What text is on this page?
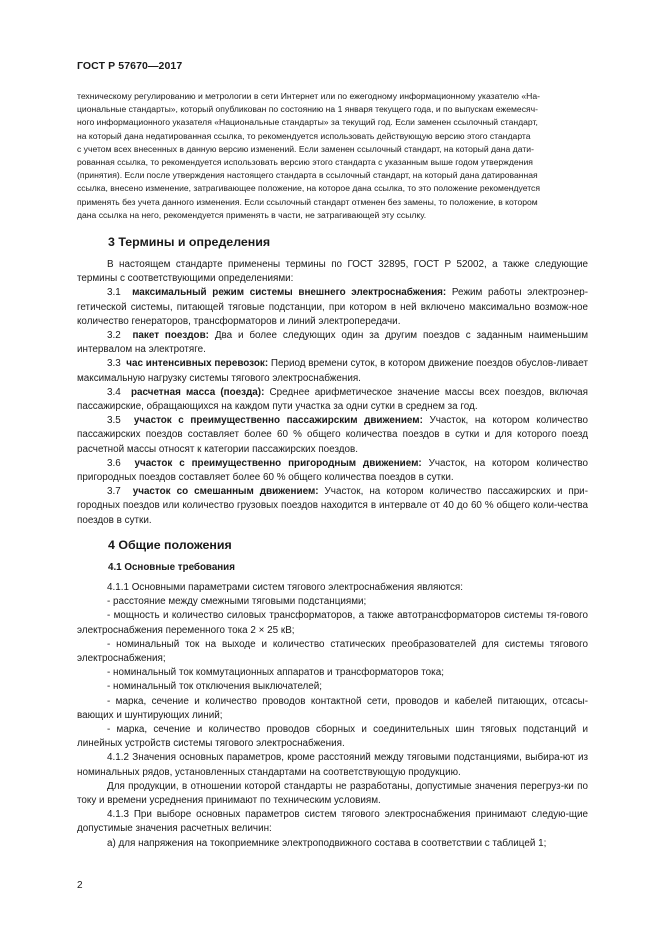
ГОСТ Р 57670—2017

техническому регулированию и метрологии в сети Интернет или по ежегодному информационному указателю «На-

циональные стандарты», который опубликован по состоянию на 1 января текущего года, и по выпускам ежемесяч-

ного информационного указателя «Национальные стандарты» за текущий год. Если заменен ссылочный стандарт,

на который дана недатированная ссылка, то рекомендуется использовать действующую версию этого стандарта

с учетом всех внесенных в данную версию изменений. Если заменен ссылочный стандарт, на который дана дати-

рованная ссылка, то рекомендуется использовать версию этого стандарта с указанным выше годом утверждения

(принятия). Если после утверждения настоящего стандарта в ссылочный стандарт, на который дана датированная

ссылка, внесено изменение, затрагивающее положение, на которое дана ссылка, то это положение рекомендуется

применять без учета данного изменения. Если ссылочный стандарт отменен без замены, то положение, в котором

дана ссылка на него, рекомендуется применять в части, не затрагивающей эту ссылку.

3 Термины и определения

В настоящем стандарте применены термины по ГОСТ 32895, ГОСТ Р 52002, а также следующие термины с соответствующими определениями:

3.1 максимальный режим системы внешнего электроснабжения: Режим работы электроэнер-гетической системы, питающей тяговые подстанции, при котором в ней включено максимально возмож-ное количество генераторов, трансформаторов и линий электропередачи.

3.2 пакет поездов: Два и более следующих один за другим поездов с заданным наименьшим интервалом на электротяге.

3.3 час интенсивных перевозок: Период времени суток, в котором движение поездов обуслов-ливает максимальную нагрузку системы тягового электроснабжения.

3.4 расчетная масса (поезда): Среднее арифметическое значение массы всех поездов, включая пассажирские, обращающихся на каждом пути участка за одни сутки в среднем за год.

3.5 участок с преимущественно пассажирским движением: Участок, на котором количество пассажирских поездов составляет более 60 % общего количества поездов в сутки и для которого поезд расчетной массы относят к категории пассажирских поездов.

3.6 участок с преимущественно пригородным движением: Участок, на котором количество пригородных поездов составляет более 60 % общего количества поездов в сутки.

3.7 участок со смешанным движением: Участок, на котором количество пассажирских и при-городных поездов или количество грузовых поездов находится в интервале от 40 до 60 % общего коли-чества поездов в сутки.

4 Общие положения
4.1 Основные требования

4.1.1 Основными параметрами систем тягового электроснабжения являются:

- расстояние между смежными тяговыми подстанциями;

- мощность и количество силовых трансформаторов, а также автотрансформаторов системы тя-гового электроснабжения переменного тока 2 × 25 кВ;

- номинальный ток на выходе и количество статических преобразователей для системы тягового электроснабжения;

- номинальный ток коммутационных аппаратов и трансформаторов тока;

- номинальный ток отключения выключателей;

- марка, сечение и количество проводов контактной сети, проводов и кабелей питающих, отсасы-вающих и шунтирующих линий;

- марка, сечение и количество проводов сборных и соединительных шин тяговых подстанций и линейных устройств системы тягового электроснабжения.

4.1.2 Значения основных параметров, кроме расстояний между тяговыми подстанциями, выбира-ют из номинальных рядов, установленных стандартами на соответствующую продукцию.

Для продукции, в отношении которой стандарты не разработаны, допустимые значения перегруз-ки по току и времени усреднения принимают по техническим условиям.

4.1.3 При выборе основных параметров систем тягового электроснабжения принимают следую-щие допустимые значения расчетных величин:

а) для напряжения на токоприемнике электроподвижного состава в соответствии с таблицей 1;

2
